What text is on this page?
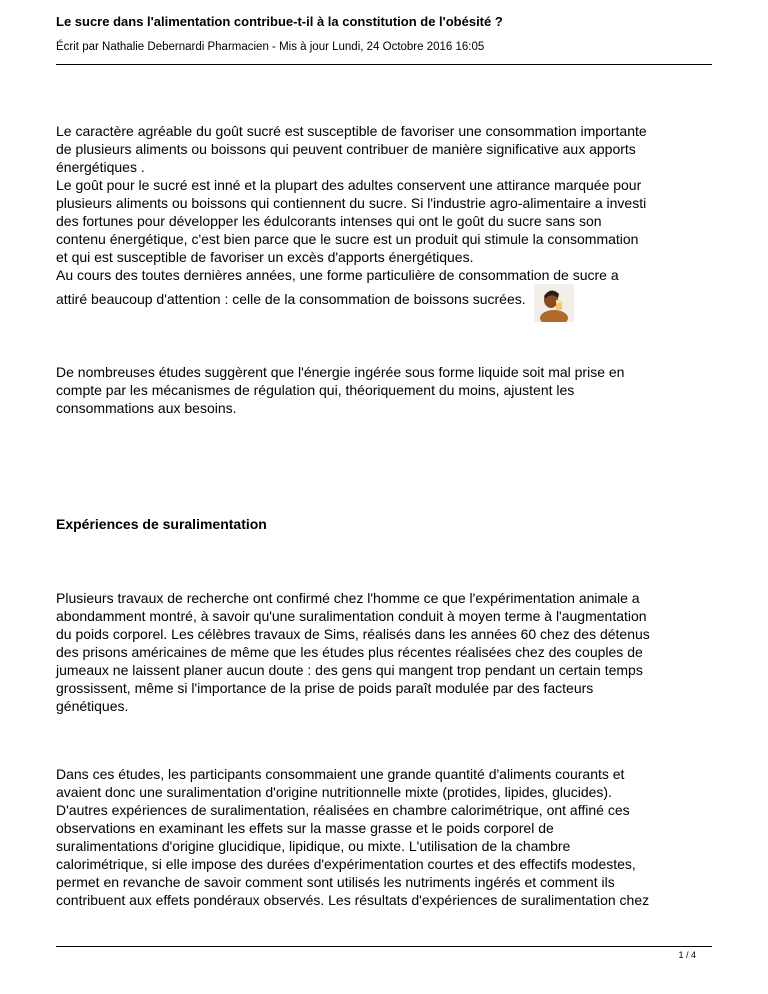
Le sucre dans l'alimentation contribue-t-il à la constitution de l'obésité ?
Écrit par Nathalie Debernardi Pharmacien - Mis à jour Lundi, 24 Octobre 2016 16:05
Le caractère agréable du goût sucré est susceptible de favoriser une consommation importante
de plusieurs aliments ou boissons qui peuvent contribuer de manière significative aux apports
énergétiques .
Le goût pour le sucré est inné et la plupart des adultes conservent une attirance marquée pour
plusieurs aliments ou boissons qui contiennent du sucre. Si l'industrie agro-alimentaire a investi
des fortunes pour développer les édulcorants intenses qui ont le goût du sucre sans son
contenu énergétique, c'est bien parce que le sucre est un produit qui stimule la consommation
et qui est susceptible de favoriser un excès d'apports énergétiques.
Au cours des toutes dernières années, une forme particulière de consommation de sucre a
attiré beaucoup d'attention : celle de la consommation de boissons sucrées.
De nombreuses études suggèrent que l'énergie ingérée sous forme liquide soit mal prise en
compte par les mécanismes de régulation qui, théoriquement du moins, ajustent les
consommations aux besoins.
Expériences de suralimentation
Plusieurs travaux de recherche ont confirmé chez l'homme ce que l'expérimentation animale a
abondamment montré, à savoir qu'une suralimentation conduit à moyen terme à l'augmentation
du poids corporel. Les célèbres travaux de Sims, réalisés dans les années 60 chez des détenus
des prisons américaines de même que les études plus récentes réalisées chez des couples de
jumeaux ne laissent planer aucun doute : des gens qui mangent trop pendant un certain temps
grossissent, même si l'importance de la prise de poids paraît modulée par des facteurs
génétiques.
Dans ces études, les participants consommaient une grande quantité d'aliments courants et
avaient donc une suralimentation d'origine nutritionnelle mixte (protides, lipides, glucides).
D'autres expériences de suralimentation, réalisées en chambre calorimétrique, ont affiné ces
observations en examinant les effets sur la masse grasse et le poids corporel de
suralimentations d'origine glucidique, lipidique, ou mixte. L'utilisation de la chambre
calorimétrique, si elle impose des durées d'expérimentation courtes et des effectifs modestes,
permet en revanche de savoir comment sont utilisés les nutriments ingérés et comment ils
contribuent aux effets pondéraux observés. Les résultats d'expériences de suralimentation chez
1 / 4
